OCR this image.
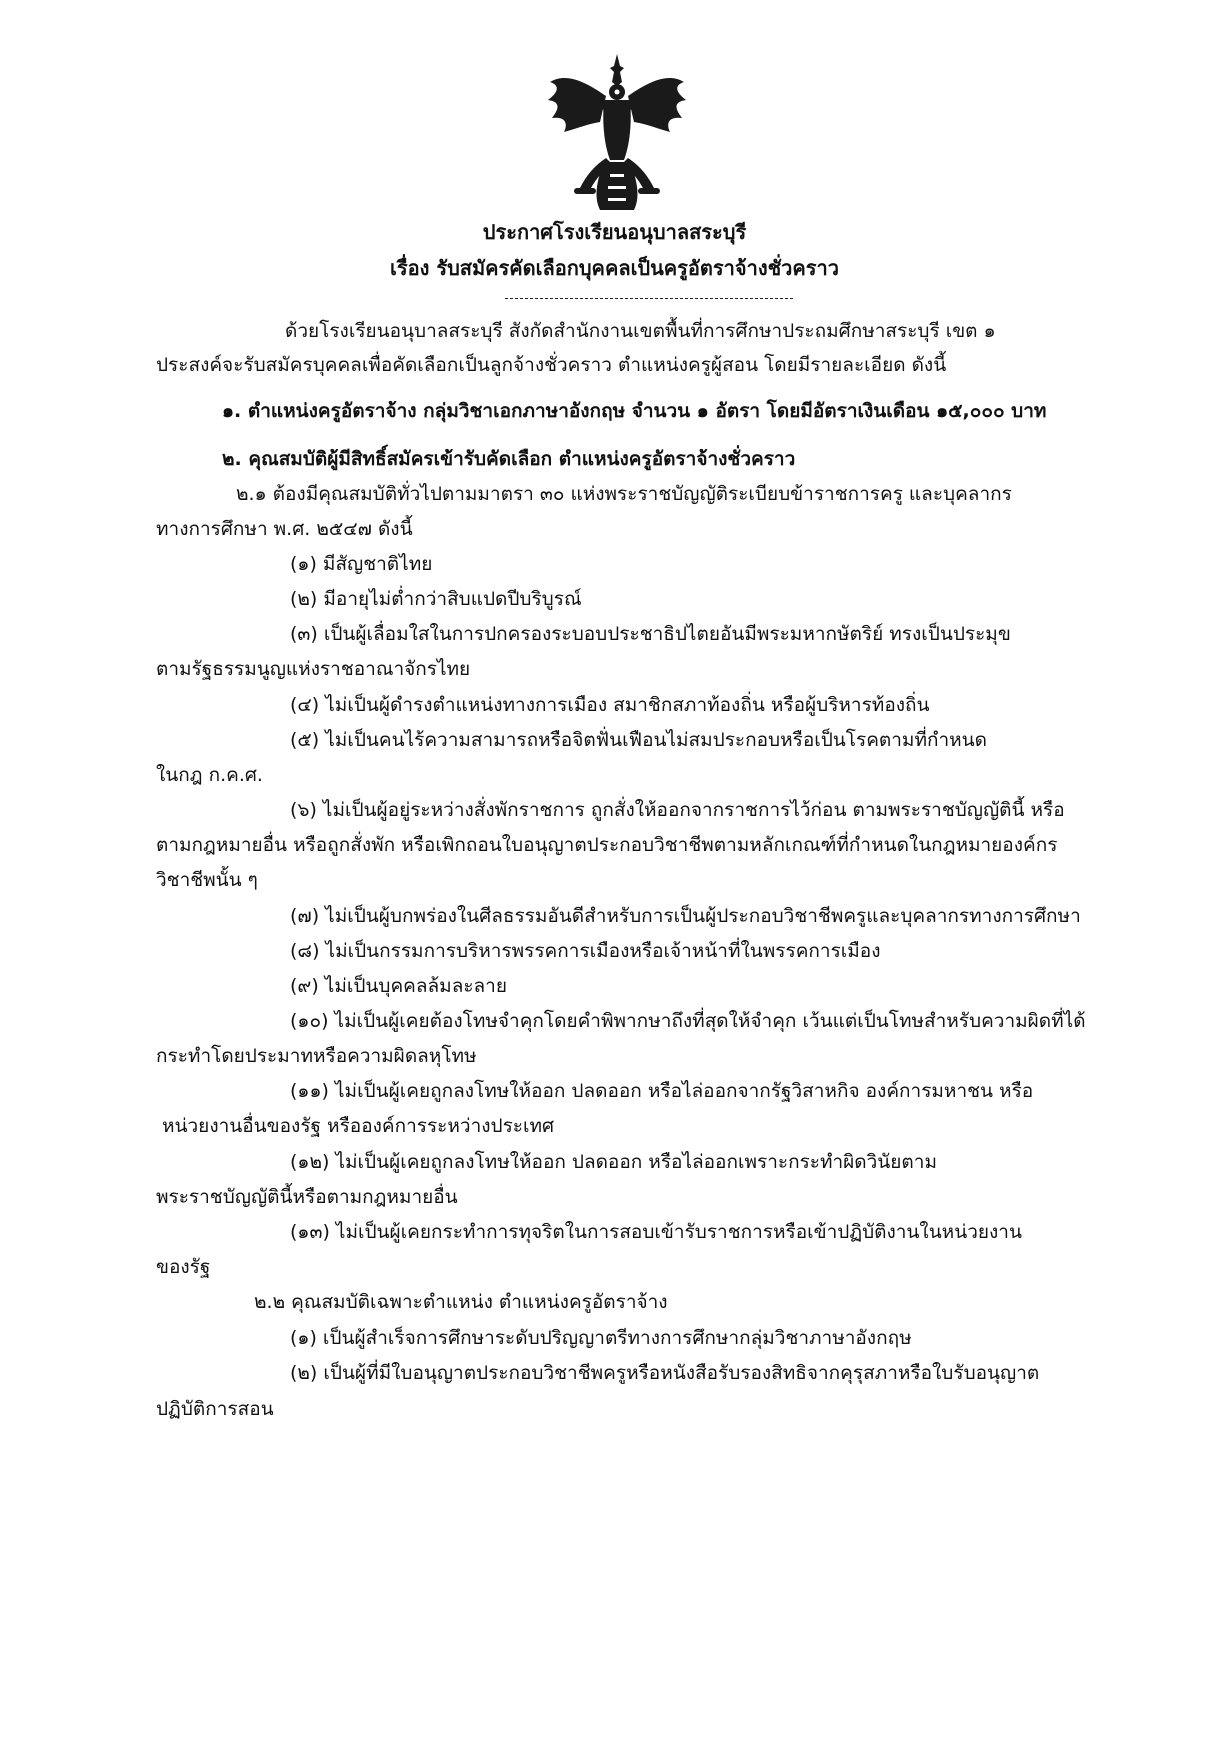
ประกาศโรงเรียนอนุบาลสระบุรี
เรื่อง รับสมัครคัดเลือกบุคคลเป็นครูอัตราจ้างชั่วคราว
ด้วยโรงเรียนอนุบาลสระบุรี สังกัดสำนักงานเขตพื้นที่การศึกษาประถมศึกษาสระบุรี เขต ๑
ประสงค์จะรับสมัครบุคคลเพื่อคัดเลือกเป็นลูกจ้างชั่วคราว ตำแหน่งครูผู้สอน โดยมีรายละเอียด ดังนี้
๑. ตำแหน่งครูอัตราจ้าง กลุ่มวิชาเอกภาษาอังกฤษ จำนวน ๑ อัตรา โดยมีอัตราเงินเดือน ๑๕,๐๐๐ บาท
๒. คุณสมบัติผู้มีสิทธิ์สมัครเข้ารับคัดเลือก ตำแหน่งครูอัตราจ้างชั่วคราว
๒.๑ ต้องมีคุณสมบัติทั่วไปตามมาตรา ๓๐ แห่งพระราชบัญญัติระเบียบข้าราชการครู และบุคลากร
ทางการศึกษา พ.ศ. ๒๕๔๗ ดังนี้
(๑) มีสัญชาติไทย
(๒) มีอายุไม่ต่ำกว่าสิบแปดปีบริบูรณ์
(๓) เป็นผู้เลื่อมใสในการปกครองระบอบประชาธิปไตยอันมีพระมหากษัตริย์ ทรงเป็นประมุข
ตามรัฐธรรมนูญแห่งราชอาณาจักรไทย
(๔) ไม่เป็นผู้ดำรงตำแหน่งทางการเมือง สมาชิกสภาท้องถิ่น หรือผู้บริหารท้องถิ่น
(๕) ไม่เป็นคนไร้ความสามารถหรือจิตฟั่นเฟือนไม่สมประกอบหรือเป็นโรคตามที่กำหนด
ในกฎ ก.ค.ศ.
(๖) ไม่เป็นผู้อยู่ระหว่างสั่งพักราชการ ถูกสั่งให้ออกจากราชการไว้ก่อน ตามพระราชบัญญัตินี้ หรือ
ตามกฎหมายอื่น หรือถูกสั่งพัก หรือเพิกถอนใบอนุญาตประกอบวิชาชีพตามหลักเกณฑ์ที่กำหนดในกฎหมายองค์กร
วิชาชีพนั้น ๆ
(๗) ไม่เป็นผู้บกพร่องในศีลธรรมอันดีสำหรับการเป็นผู้ประกอบวิชาชีพครูและบุคลากรทางการศึกษา
(๘) ไม่เป็นกรรมการบริหารพรรคการเมืองหรือเจ้าหน้าที่ในพรรคการเมือง
(๙) ไม่เป็นบุคคลล้มละลาย
(๑๐) ไม่เป็นผู้เคยต้องโทษจำคุกโดยคำพิพากษาถึงที่สุดให้จำคุก เว้นแต่เป็นโทษสำหรับความผิดที่ได้
กระทำโดยประมาทหรือความผิดลหุโทษ
(๑๑) ไม่เป็นผู้เคยถูกลงโทษให้ออก ปลดออก หรือไล่ออกจากรัฐวิสาหกิจ องค์การมหาชน หรือ
หน่วยงานอื่นของรัฐ หรือองค์การระหว่างประเทศ
(๑๒) ไม่เป็นผู้เคยถูกลงโทษให้ออก ปลดออก หรือไล่ออกเพราะกระทำผิดวินัยตาม
พระราชบัญญัตินี้หรือตามกฎหมายอื่น
(๑๓) ไม่เป็นผู้เคยกระทำการทุจริตในการสอบเข้ารับราชการหรือเข้าปฏิบัติงานในหน่วยงาน
ของรัฐ
๒.๒ คุณสมบัติเฉพาะตำแหน่ง ตำแหน่งครูอัตราจ้าง
(๑) เป็นผู้สำเร็จการศึกษาระดับปริญญาตรีทางการศึกษากลุ่มวิชาภาษาอังกฤษ
(๒) เป็นผู้ที่มีใบอนุญาตประกอบวิชาชีพครูหรือหนังสือรับรองสิทธิจากคุรุสภาหรือใบรับอนุญาต
ปฏิบัติการสอน
